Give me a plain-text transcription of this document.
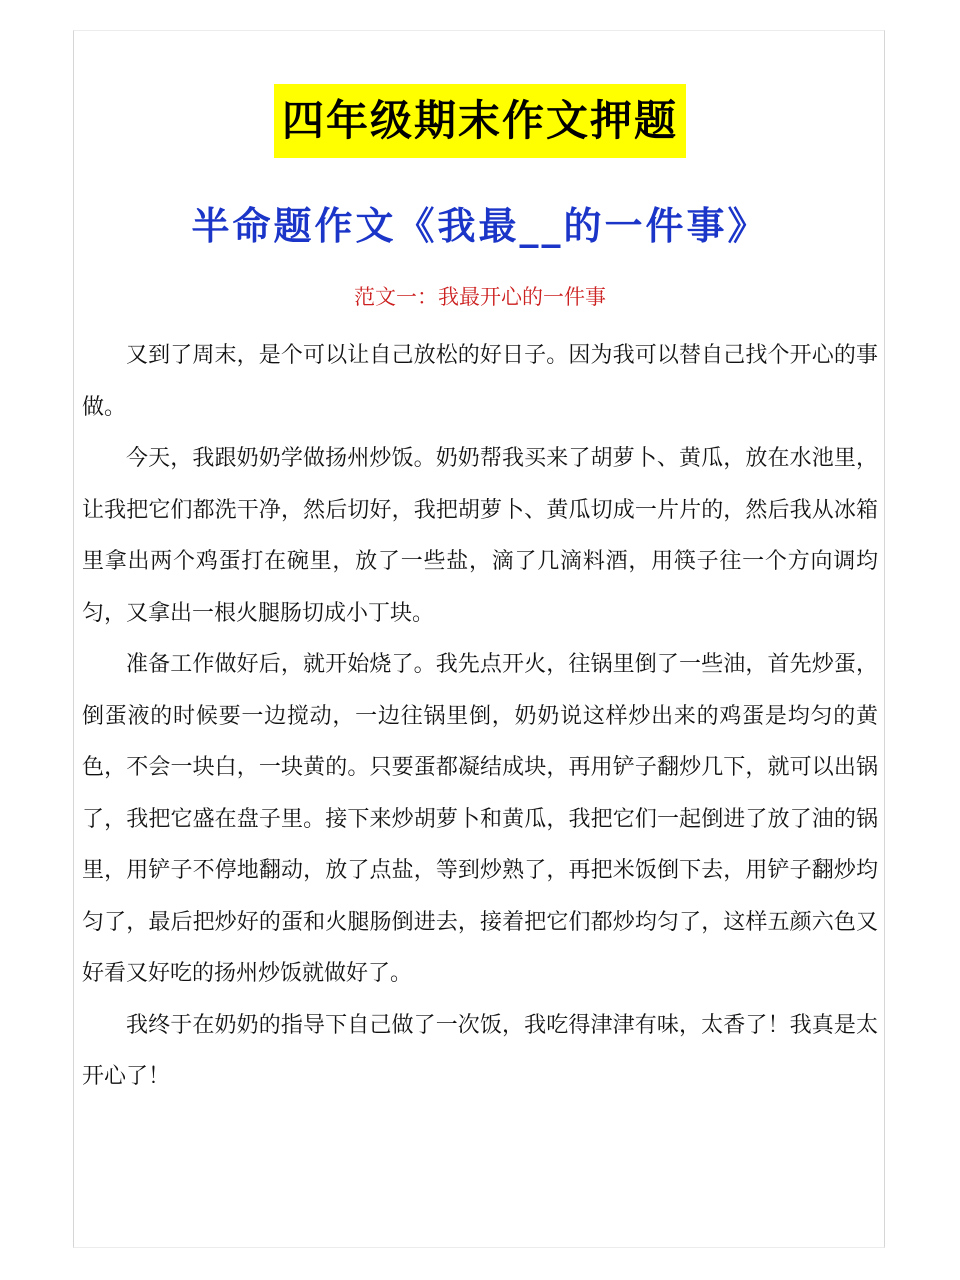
四年级期末作文押题
半命题作文《我最__的一件事》
范文一：我最开心的一件事

又到了周末，是个可以让自己放松的好日子。因为我可以替自己找个开心的事做。

今天，我跟奶奶学做扬州炒饭。奶奶帮我买来了胡萝卜、黄瓜，放在水池里，让我把它们都洗干净，然后切好，我把胡萝卜、黄瓜切成一片片的，然后我从冰箱里拿出两个鸡蛋打在碗里，放了一些盐，滴了几滴料酒，用筷子往一个方向调均匀，又拿出一根火腿肠切成小丁块。

准备工作做好后，就开始烧了。我先点开火，往锅里倒了一些油，首先炒蛋，倒蛋液的时候要一边搅动，一边往锅里倒，奶奶说这样炒出来的鸡蛋是均匀的黄色，不会一块白，一块黄的。只要蛋都凝结成块，再用铲子翻炒几下，就可以出锅了，我把它盛在盘子里。接下来炒胡萝卜和黄瓜，我把它们一起倒进了放了油的锅里，用铲子不停地翻动，放了点盐，等到炒熟了，再把米饭倒下去，用铲子翻炒均匀了，最后把炒好的蛋和火腿肠倒进去，接着把它们都炒均匀了，这样五颜六色又好看又好吃的扬州炒饭就做好了。

我终于在奶奶的指导下自己做了一次饭，我吃得津津有味，太香了！我真是太开心了！
